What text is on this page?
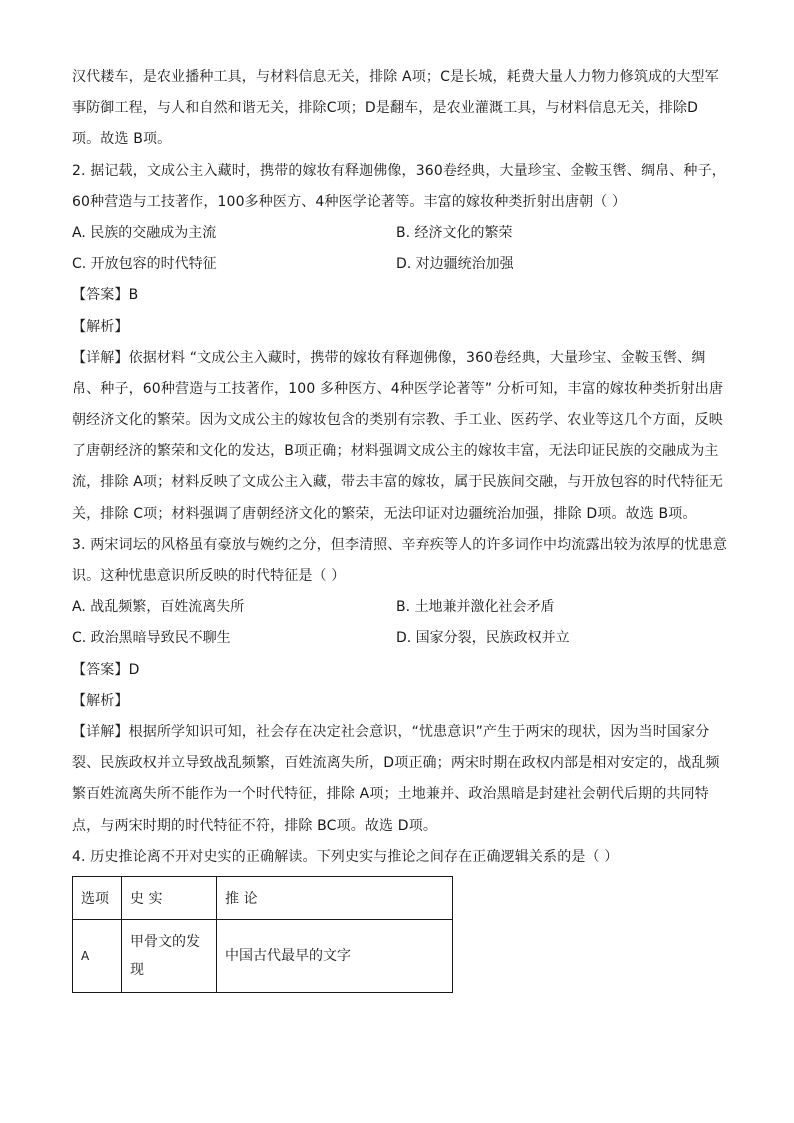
汉代耧车，是农业播种工具，与材料信息无关，排除 A项；C是长城，耗费大量人力物力修筑成的大型军
事防御工程，与人和自然和谐无关，排除C项；D是翻车，是农业灌溉工具，与材料信息无关，排除D
项。故选 B项。
2. 据记载，文成公主入藏时，携带的嫁妆有释迦佛像，360卷经典，大量珍宝、金鞍玉辔、绸帛、种子，
60种营造与工技著作，100多种医方、4种医学论著等。丰富的嫁妆种类折射出唐朝（ ）
A. 民族的交融成为主流	B. 经济文化的繁荣
C. 开放包容的时代特征	D. 对边疆统治加强
【答案】B
【解析】
【详解】依据材料 “文成公主入藏时，携带的嫁妆有释迦佛像，360卷经典，大量珍宝、金鞍玉辔、绸
帛、种子，60种营造与工技著作，100 多种医方、4种医学论著等” 分析可知，丰富的嫁妆种类折射出唐
朝经济文化的繁荣。因为文成公主的嫁妆包含的类别有宗教、手工业、医药学、农业等这几个方面，反映
了唐朝经济的繁荣和文化的发达，B项正确；材料强调文成公主的嫁妆丰富，无法印证民族的交融成为主
流，排除 A项；材料反映了文成公主入藏，带去丰富的嫁妆，属于民族间交融，与开放包容的时代特征无
关，排除 C项；材料强调了唐朝经济文化的繁荣，无法印证对边疆统治加强，排除 D项。故选 B项。
3. 两宋词坛的风格虽有豪放与婉约之分，但李清照、辛弃疾等人的许多词作中均流露出较为浓厚的忧患意
识。这种忧患意识所反映的时代特征是（ ）
A. 战乱频繁，百姓流离失所	B. 土地兼并激化社会矛盾
C. 政治黑暗导致民不聊生	D. 国家分裂，民族政权并立
【答案】D
【解析】
【详解】根据所学知识可知，社会存在决定社会意识，“忧患意识”产生于两宋的现状，因为当时国家分
裂、民族政权并立导致战乱频繁，百姓流离失所，D项正确；两宋时期在政权内部是相对安定的，战乱频
繁百姓流离失所不能作为一个时代特征，排除 A项；土地兼并、政治黑暗是封建社会朝代后期的共同特
点，与两宋时期的时代特征不符，排除 BC项。故选 D项。
4. 历史推论离不开对史实的正确解读。下列史实与推论之间存在正确逻辑关系的是（ ）
选项	史 实	推 论
A	甲骨文的发现	中国古代最早的文字
